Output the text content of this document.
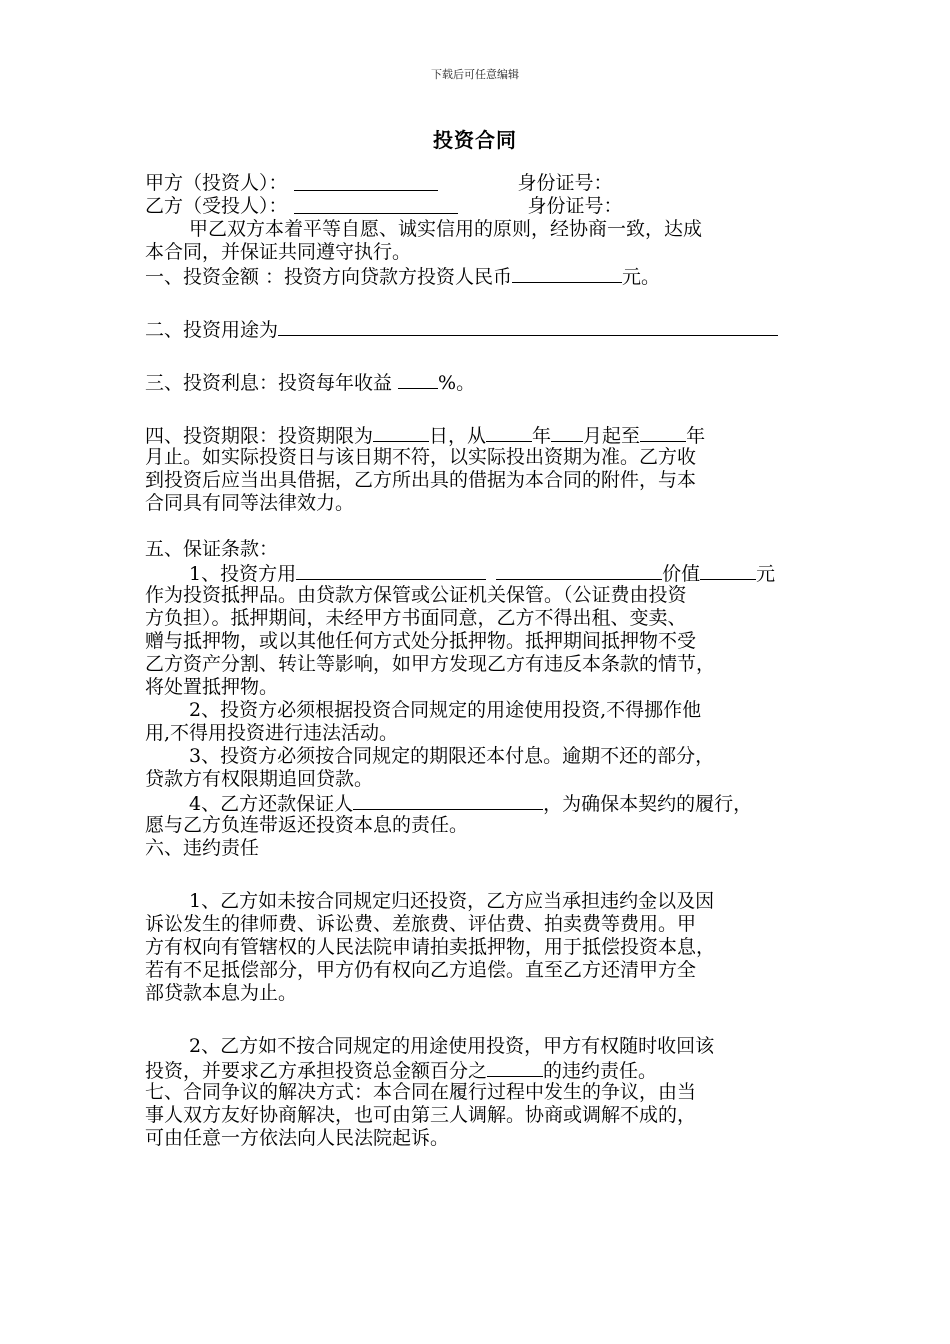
下载后可任意编辑
投资合同
甲方（投资人）：	身份证号：
乙方（受投人）：	身份证号：
甲乙双方本着平等自愿、诚实信用的原则，经协商一致，达成
本合同，并保证共同遵守执行。
一、投资金额 ：投资方向贷款方投资人民币	元。
二、投资用途为
三、投资利息：投资每年收益 %。
四、投资期限：投资期限为	日，从 年 月起至 年
月止。如实际投资日与该日期不符，以实际投出资期为准。乙方收
到投资后应当出具借据，乙方所出具的借据为本合同的附件，与本
合同具有同等法律效力。
五、保证条款：
1、投资方用	价值	元
作为投资抵押品。由贷款方保管或公证机关保管。（公证费由投资
方负担）。抵押期间，未经甲方书面同意，乙方不得出租、变卖、
赠与抵押物，或以其他任何方式处分抵押物。抵押期间抵押物不受
乙方资产分割、转让等影响，如甲方发现乙方有违反本条款的情节，
将处置抵押物。
2、投资方必须根据投资合同规定的用途使用投资,不得挪作他
用,不得用投资进行违法活动。
3、投资方必须按合同规定的期限还本付息。逾期不还的部分，
贷款方有权限期追回贷款。
4、乙方还款保证人	，为确保本契约的履行，
愿与乙方负连带返还投资本息的责任。
六、违约责任
1、乙方如未按合同规定归还投资，乙方应当承担违约金以及因
诉讼发生的律师费、诉讼费、差旅费、评估费、拍卖费等费用。甲
方有权向有管辖权的人民法院申请拍卖抵押物，用于抵偿投资本息，
若有不足抵偿部分，甲方仍有权向乙方追偿。直至乙方还清甲方全
部贷款本息为止。
2、乙方如不按合同规定的用途使用投资，甲方有权随时收回该
投资，并要求乙方承担投资总金额百分之	的违约责任。
七、合同争议的解决方式：本合同在履行过程中发生的争议，由当
事人双方友好协商解决，也可由第三人调解。协商或调解不成的，
可由任意一方依法向人民法院起诉。
